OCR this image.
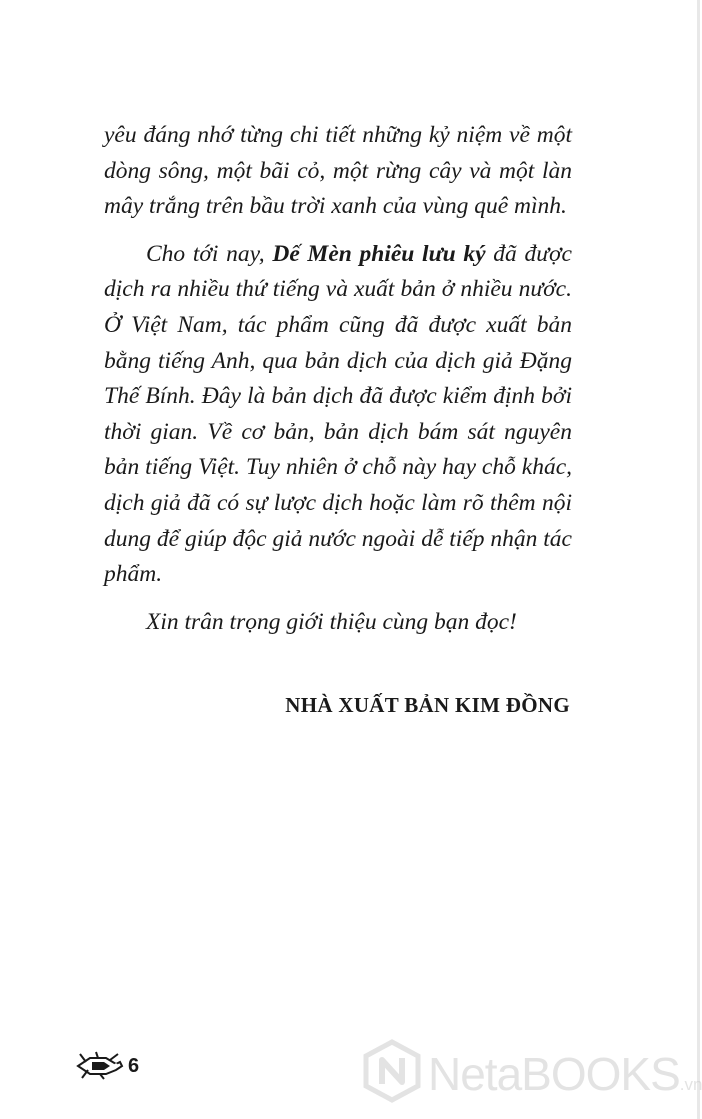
yêu đáng nhớ từng chi tiết những kỷ niệm về một dòng sông, một bãi cỏ, một rừng cây và một làn mây trắng trên bầu trời xanh của vùng quê mình.

Cho tới nay, Dế Mèn phiêu lưu ký đã được dịch ra nhiều thứ tiếng và xuất bản ở nhiều nước. Ở Việt Nam, tác phẩm cũng đã được xuất bản bằng tiếng Anh, qua bản dịch của dịch giả Đặng Thế Bính. Đây là bản dịch đã được kiểm định bởi thời gian. Về cơ bản, bản dịch bám sát nguyên bản tiếng Việt. Tuy nhiên ở chỗ này hay chỗ khác, dịch giả đã có sự lược dịch hoặc làm rõ thêm nội dung để giúp độc giả nước ngoài dễ tiếp nhận tác phẩm.

Xin trân trọng giới thiệu cùng bạn đọc!

NHÀ XUẤT BẢN KIM ĐỒNG
6	NetaBOOKS.vn
